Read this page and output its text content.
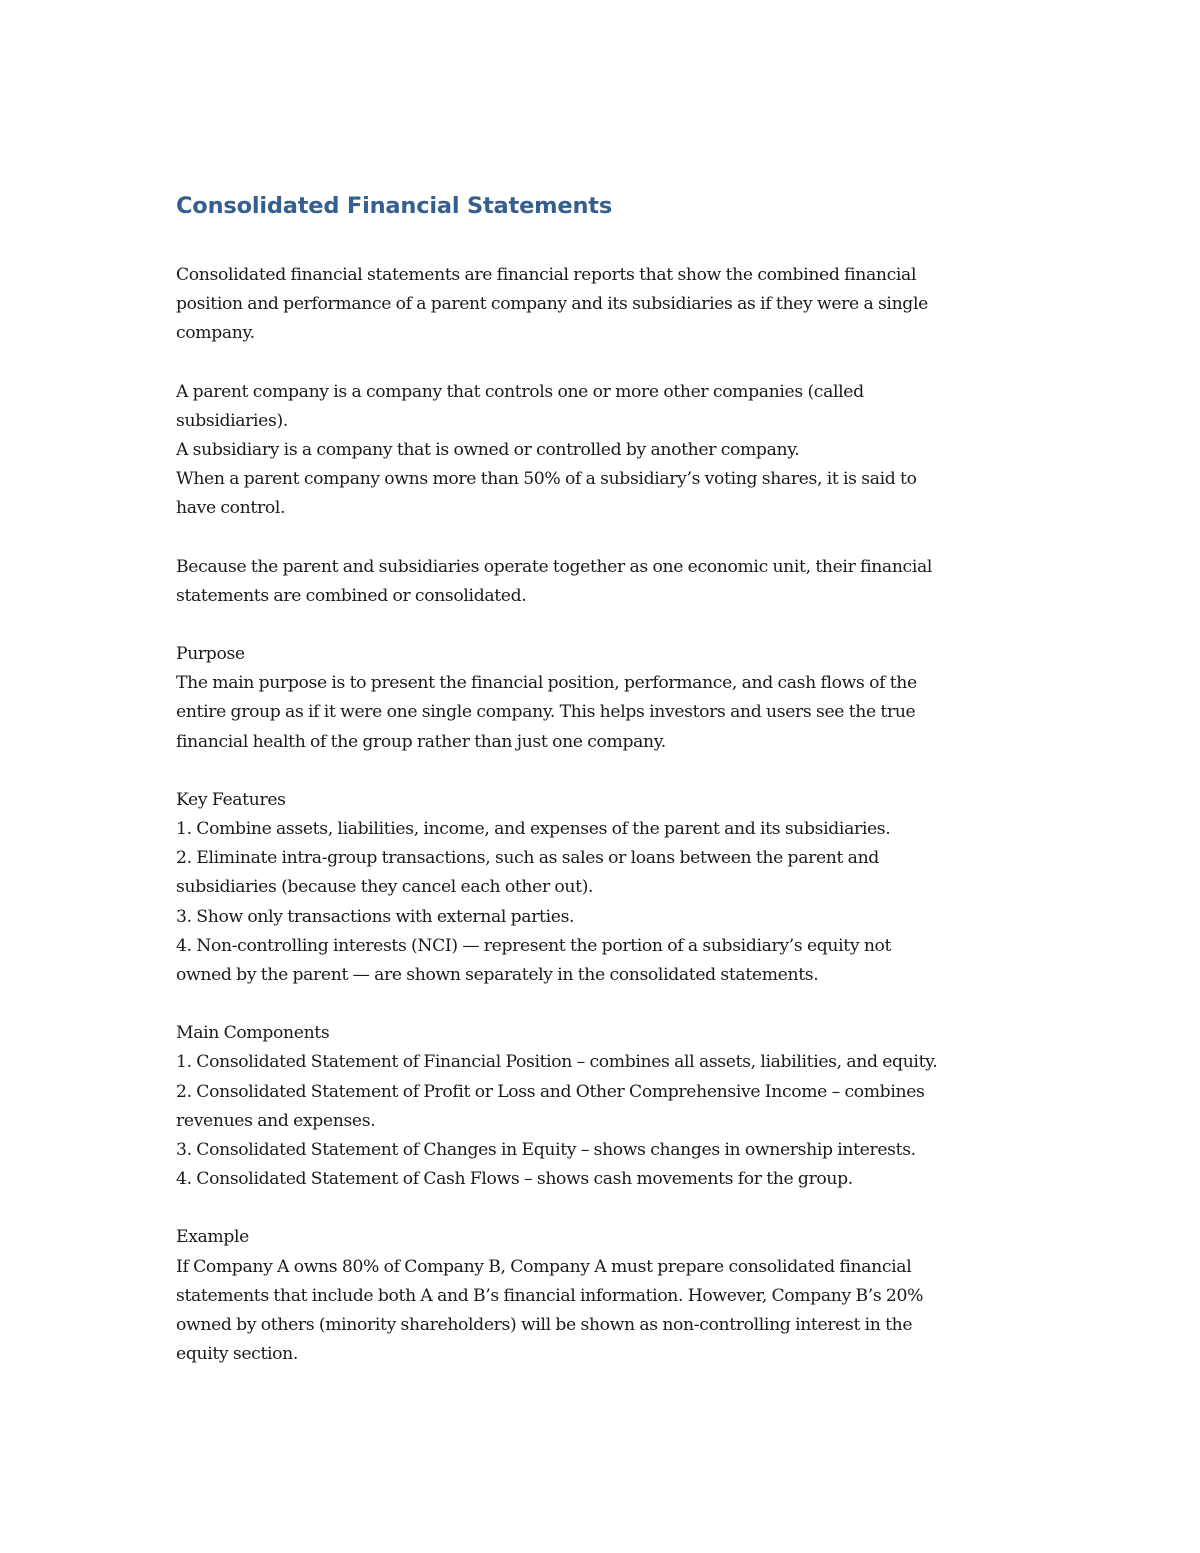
Consolidated Financial Statements

Consolidated financial statements are financial reports that show the combined financial
position and performance of a parent company and its subsidiaries as if they were a single
company.

A parent company is a company that controls one or more other companies (called
subsidiaries).
A subsidiary is a company that is owned or controlled by another company.
When a parent company owns more than 50% of a subsidiary’s voting shares, it is said to
have control.

Because the parent and subsidiaries operate together as one economic unit, their financial
statements are combined or consolidated.

Purpose
The main purpose is to present the financial position, performance, and cash flows of the
entire group as if it were one single company. This helps investors and users see the true
financial health of the group rather than just one company.

Key Features
1. Combine assets, liabilities, income, and expenses of the parent and its subsidiaries.
2. Eliminate intra-group transactions, such as sales or loans between the parent and
subsidiaries (because they cancel each other out).
3. Show only transactions with external parties.
4. Non-controlling interests (NCI) — represent the portion of a subsidiary’s equity not
owned by the parent — are shown separately in the consolidated statements.

Main Components
1. Consolidated Statement of Financial Position – combines all assets, liabilities, and equity.
2. Consolidated Statement of Profit or Loss and Other Comprehensive Income – combines
revenues and expenses.
3. Consolidated Statement of Changes in Equity – shows changes in ownership interests.
4. Consolidated Statement of Cash Flows – shows cash movements for the group.

Example
If Company A owns 80% of Company B, Company A must prepare consolidated financial
statements that include both A and B’s financial information. However, Company B’s 20%
owned by others (minority shareholders) will be shown as non-controlling interest in the
equity section.
